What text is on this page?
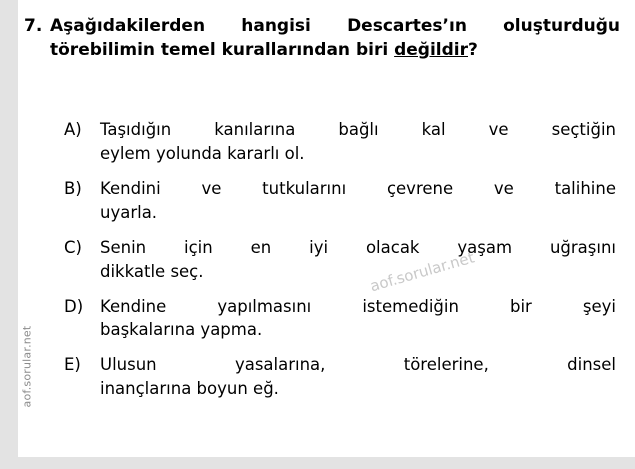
aof.sorular.net
7. Aşağıdakilerden hangisi Descartes’ın oluşturduğu törebilimin temel kurallarından biri değildir?
A)	Taşıdığın kanılarına bağlı kal ve seçtiğin
eylem yolunda kararlı ol.
B)	Kendini ve tutkularını çevrene ve talihine
uyarla.
C)	Senin için en iyi olacak yaşam uğraşını
dikkatle seç.
D)	Kendine yapılmasını istemediğin bir şeyi
başkalarına yapma.
E)	Ulusun yasalarına, törelerine, dinsel
inançlarına boyun eğ.
aof.sorular.net
